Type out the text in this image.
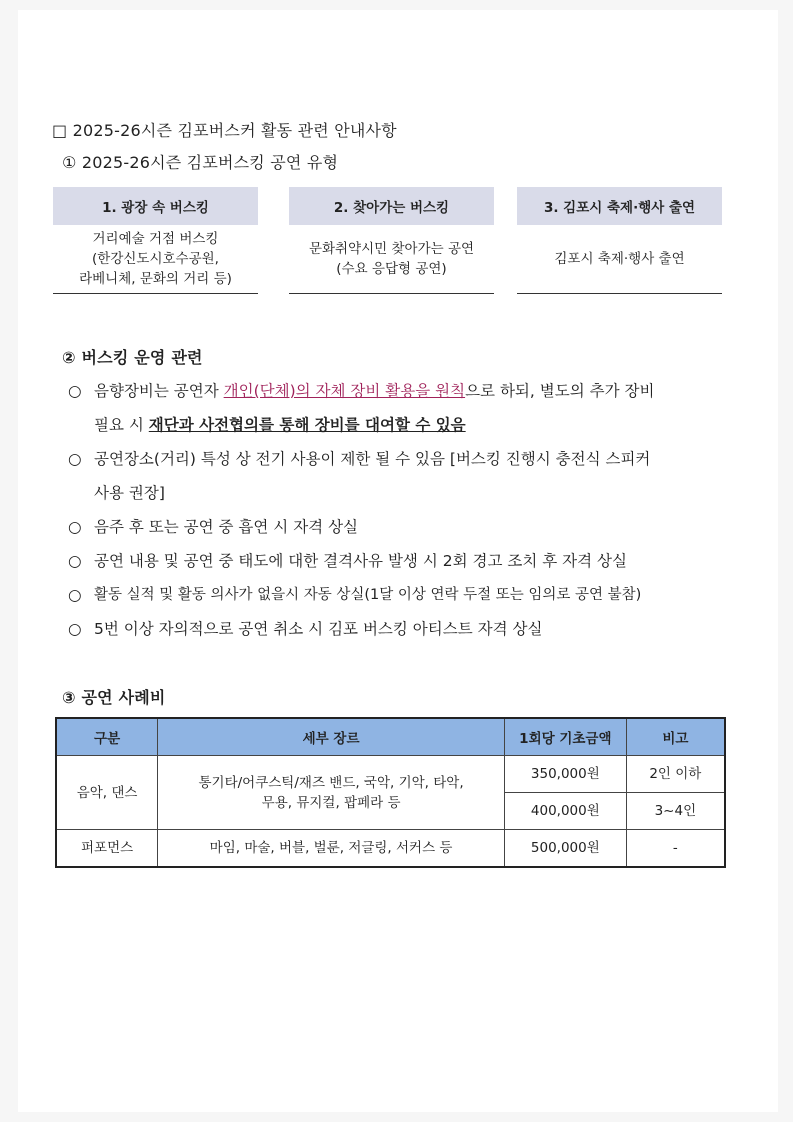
□ 2025-26시즌 김포버스커 활동 관련 안내사항
① 2025-26시즌 김포버스킹 공연 유형
1. 광장 속 버스킹
거리예술 거점 버스킹
(한강신도시호수공원,
라베니체, 문화의 거리 등)
2. 찾아가는 버스킹
문화취약시민 찾아가는 공연
(수요 응답형 공연)
3. 김포시 축제·행사 출연
김포시 축제·행사 출연
② 버스킹 운영 관련
○ 음향장비는 공연자 개인(단체)의 자체 장비 활용을 원칙으로 하되, 별도의 추가 장비
필요 시 재단과 사전협의를 통해 장비를 대여할 수 있음
○ 공연장소(거리) 특성 상 전기 사용이 제한 될 수 있음 [버스킹 진행시 충전식 스피커
사용 권장]
○ 음주 후 또는 공연 중 흡연 시 자격 상실
○ 공연 내용 및 공연 중 태도에 대한 결격사유 발생 시 2회 경고 조치 후 자격 상실
○ 활동 실적 및 활동 의사가 없을시 자동 상실(1달 이상 연락 두절 또는 임의로 공연 불참)
○ 5번 이상 자의적으로 공연 취소 시 김포 버스킹 아티스트 자격 상실
③ 공연 사례비
구분	세부 장르	1회당 기초금액	비고
음악, 댄스	통기타/어쿠스틱/재즈 밴드, 국악, 기악, 타악,
무용, 뮤지컬, 팝페라 등	350,000원	2인 이하
		400,000원	3~4인
퍼포먼스	마임, 마술, 버블, 벌룬, 저글링, 서커스 등	500,000원	-
